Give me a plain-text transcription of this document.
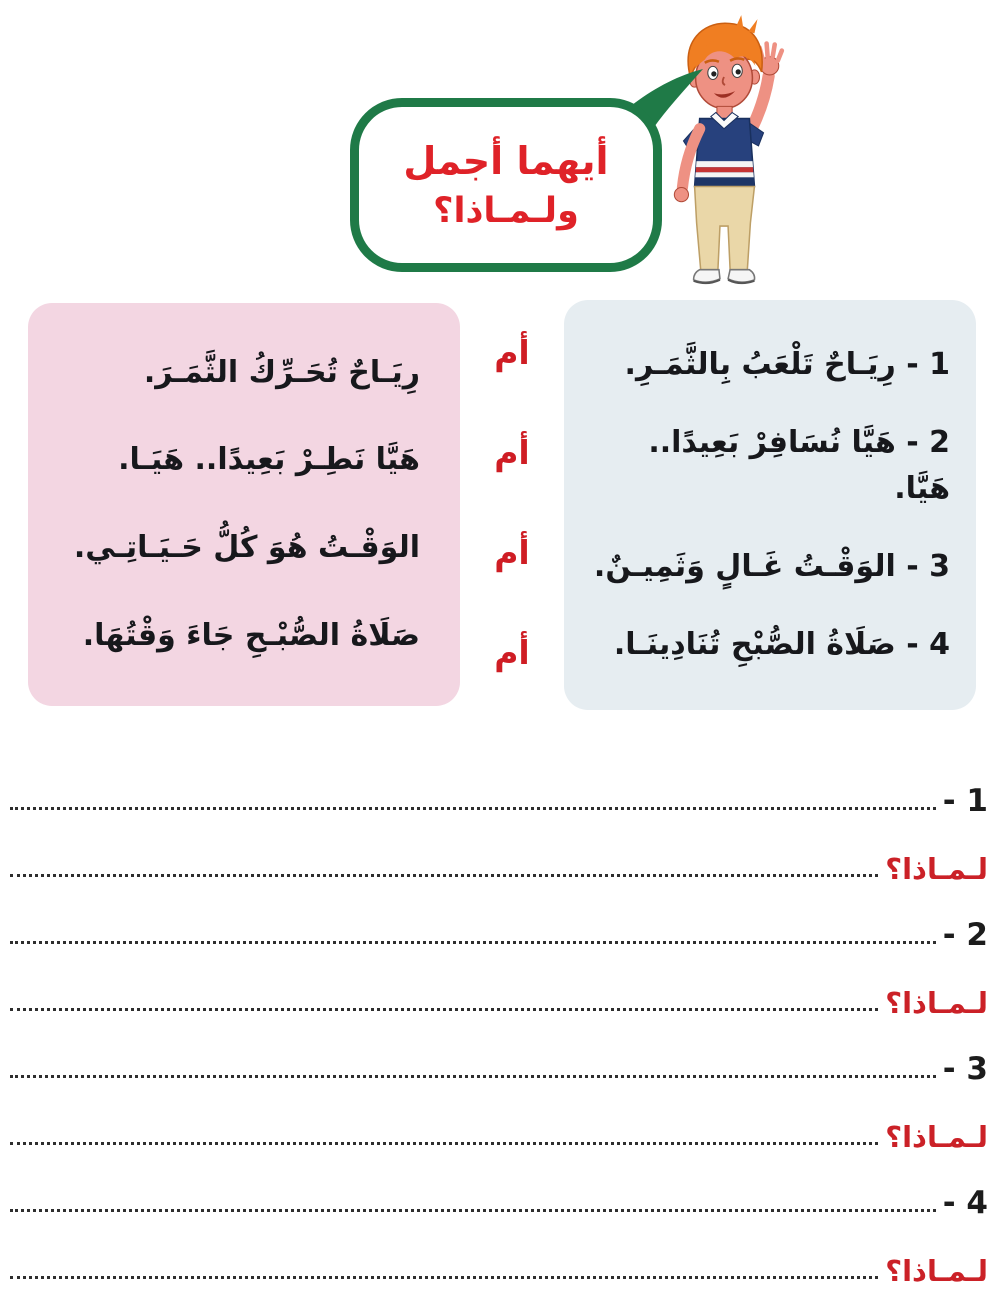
أيهما أجمل
ولـمـاذا؟
1 - رِيَـاحٌ تَلْعَبُ بِالثَّمَـرِ.
2 - هَيَّا نُسَافِرْ بَعِيدًا.. هَيَّا.
3 - الوَقْـتُ غَـالٍ وَثَمِيـنٌ.
4 - صَلَاةُ الصُّبْحِ تُنَادِينَـا.
أم
أم
أم
أم
رِيَـاحٌ تُحَـرِّكُ الثَّمَـرَ.
هَيَّا نَطِـرْ بَعِيدًا.. هَيَـا.
الوَقْـتُ هُوَ كُلُّ حَـيَـاتِـي.
صَلَاةُ الصُّبْـحِ جَاءَ وَقْتُهَا.
1 -
لـمـاذا؟
2 -
لـمـاذا؟
3 -
لـمـاذا؟
4 -
لـمـاذا؟
